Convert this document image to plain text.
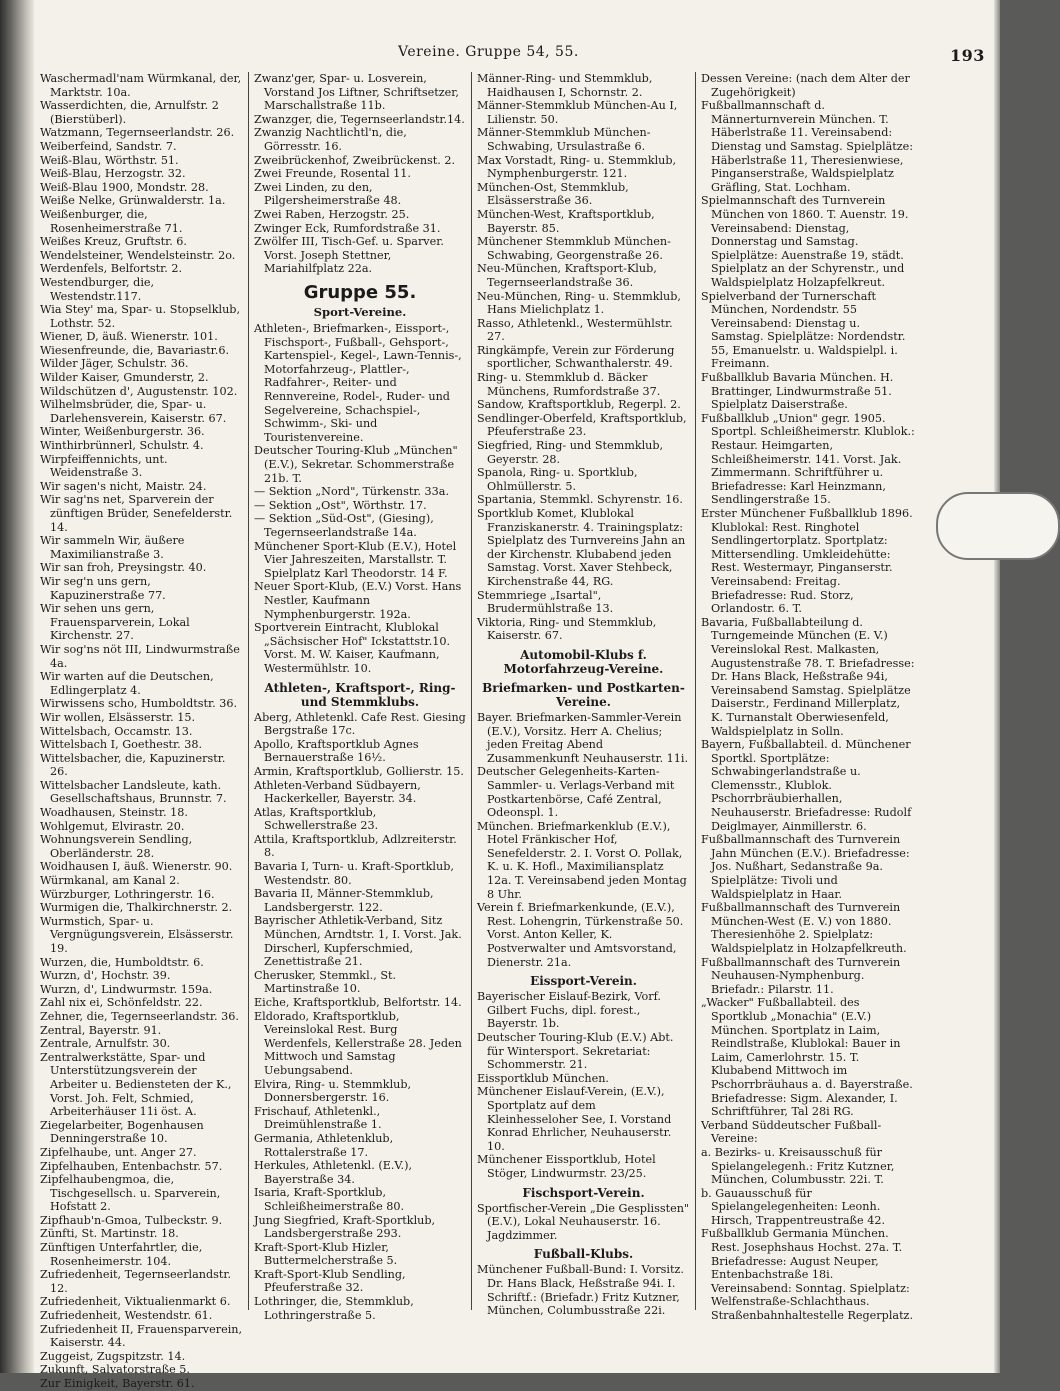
Vereine. Gruppe 54, 55.	193

Waschermadl'nam Würmkanal, der, Marktstr. 10a.

Wasserdichten, die, Arnulfstr. 2 (Bierstüberl).

Watzmann, Tegernseerlandstr. 26.

Weiberfeind, Sandstr. 7.

Weiß-Blau, Wörthstr. 51.

Weiß-Blau, Herzogstr. 32.

Weiß-Blau 1900, Mondstr. 28.

Weiße Nelke, Grünwalderstr. 1a.

Weißenburger, die, Rosenheimerstraße 71.

Weißes Kreuz, Gruftstr. 6.

Wendelsteiner, Wendelsteinstr. 2o.

Werdenfels, Belfortstr. 2.

Westendburger, die, Westendstr.117.

Wia Stey' ma, Spar- u. Stopselklub, Lothstr. 52.

Wiener, D, äuß. Wienerstr. 101.

Wiesenfreunde, die, Bavariastr.6.

Wilder Jäger, Schulstr. 36.

Wilder Kaiser, Gmunderstr, 2.

Wildschützen d', Augustenstr. 102.

Wilhelmsbrüder, die, Spar- u. Darlehensverein, Kaiserstr. 67.

Winter, Weißenburgerstr. 36.

Winthirbrünnerl, Schulstr. 4.

Wirpfeiffennichts, unt. Weidenstraße 3.

Wir sagen's nicht, Maistr. 24.

Wir sag'ns net, Sparverein der zünftigen Brüder, Senefelderstr. 14.

Wir sammeln Wir, äußere Maximilianstraße 3.

Wir san froh, Preysingstr. 40.

Wir seg'n uns gern, Kapuzinerstraße 77.

Wir sehen uns gern, Frauensparverein, Lokal Kirchenstr. 27.

Wir sog'ns nöt III, Lindwurmstraße 4a.

Wir warten auf die Deutschen, Edlingerplatz 4.

Wirwissens scho, Humboldtstr. 36.

Wir wollen, Elsässerstr. 15.

Wittelsbach, Occamstr. 13.

Wittelsbach I, Goethestr. 38.

Wittelsbacher, die, Kapuzinerstr. 26.

Wittelsbacher Landsleute, kath. Gesellschaftshaus, Brunnstr. 7.

Woadhausen, Steinstr. 18.

Wohlgemut, Elvirastr. 20.

Wohnungsverein Sendling, Oberländerstr. 28.

Woidhausen I, äuß. Wienerstr. 90.

Würmkanal, am Kanal 2.

Würzburger, Lothringerstr. 16.

Wurmigen die, Thalkirchnerstr. 2.

Wurmstich, Spar- u. Vergnügungsverein, Elsässerstr. 19.

Wurzen, die, Humboldtstr. 6.

Wurzn, d', Hochstr. 39.

Wurzn, d', Lindwurmstr. 159a.

Zahl nix ei, Schönfeldstr. 22.

Zehner, die, Tegernseerlandstr. 36.

Zentral, Bayerstr. 91.

Zentrale, Arnulfstr. 30.

Zentralwerkstätte, Spar- und Unterstützungsverein der Arbeiter u. Bediensteten der K., Vorst. Joh. Felt, Schmied, Arbeiterhäuser 11i öst. A.

Ziegelarbeiter, Bogenhausen Denningerstraße 10.

Zipfelhaube, unt. Anger 27.

Zipfelhauben, Entenbachstr. 57.

Zipfelhaubengmoa, die, Tischgesellsch. u. Sparverein, Hofstatt 2.

Zipfhaub'n-Gmoa, Tulbeckstr. 9.

Zünfti, St. Martinstr. 18.

Zünftigen Unterfahrtler, die, Rosenheimerstr. 104.

Zufriedenheit, Tegernseerlandstr. 12.

Zufriedenheit, Viktualienmarkt 6.

Zufriedenheit, Westendstr. 61.

Zufriedenheit II, Frauensparverein, Kaiserstr. 44.

Zuggeist, Zugspitzstr. 14.

Zukunft, Salvatorstraße 5.

Zur Einigkeit, Bayerstr. 61.

Zwanz'ger, Spar- u. Losverein, Vorstand Jos Liftner, Schriftsetzer, Marschallstraße 11b.

Zwanzger, die, Tegernseerlandstr.14.

Zwanzig Nachtlichtl'n, die, Görresstr. 16.

Zweibrückenhof, Zweibrückenst. 2.

Zwei Freunde, Rosental 11.

Zwei Linden, zu den, Pilgersheimerstraße 48.

Zwei Raben, Herzogstr. 25.

Zwinger Eck, Rumfordstraße 31.

Zwölfer III, Tisch-Gef. u. Sparver. Vorst. Joseph Stettner, Mariahilfplatz 22a.

Gruppe 55.
Sport-Vereine.

Athleten-, Briefmarken-, Eissport-, Fischsport-, Fußball-, Gehsport-, Kartenspiel-, Kegel-, Lawn-Tennis-, Motorfahrzeug-, Plattler-, Radfahrer-, Reiter- und Rennvereine, Rodel-, Ruder- und Segelvereine, Schachspiel-, Schwimm-, Ski- und Touristenvereine.

Deutscher Touring-Klub „München" (E.V.), Sekretar. Schommerstraße 21b. T.

— Sektion „Nord", Türkenstr. 33a.

— Sektion „Ost", Wörthstr. 17.

— Sektion „Süd-Ost", (Giesing), Tegernseerlandstraße 14a.

Münchener Sport-Klub (E.V.), Hotel Vier Jahreszeiten, Marstallstr. T. Spielplatz Karl Theodorstr. 14 F.

Neuer Sport-Klub, (E.V.) Vorst. Hans Nestler, Kaufmann Nymphenburgerstr. 192a.

Sportverein Eintracht, Klublokal „Sächsischer Hof" Ickstattstr.10. Vorst. M. W. Kaiser, Kaufmann, Westermühlstr. 10.

Athleten-, Kraftsport-, Ring- und Stemmklubs.

Aberg, Athletenkl. Cafe Rest. Giesing Bergstraße 17c.

Apollo, Kraftsportklub Agnes Bernauerstraße 16½.

Armin, Kraftsportklub, Gollierstr. 15.

Athleten-Verband Südbayern, Hackerkeller, Bayerstr. 34.

Atlas, Kraftsportklub, Schwellerstraße 23.

Attila, Kraftsportklub, Adlzreiterstr. 8.

Bavaria I, Turn- u. Kraft-Sportklub, Westendstr. 80.

Bavaria II, Männer-Stemmklub, Landsbergerstr. 122.

Bayrischer Athletik-Verband, Sitz München, Arndtstr. 1, I. Vorst. Jak. Dirscherl, Kupferschmied, Zenettistraße 21.

Cherusker, Stemmkl., St. Martinstraße 10.

Eiche, Kraftsportklub, Belfortstr. 14.

Eldorado, Kraftsportklub, Vereinslokal Rest. Burg Werdenfels, Kellerstraße 28. Jeden Mittwoch und Samstag Uebungsabend.

Elvira, Ring- u. Stemmklub, Donnersbergerstr. 16.

Frischauf, Athletenkl., Dreimühlenstraße 1.

Germania, Athletenklub, Rottalerstraße 17.

Herkules, Athletenkl. (E.V.), Bayerstraße 34.

Isaria, Kraft-Sportklub, Schleißheimerstraße 80.

Jung Siegfried, Kraft-Sportklub, Landsbergerstraße 293.

Kraft-Sport-Klub Hizler, Buttermelcherstraße 5.

Kraft-Sport-Klub Sendling, Pfeuferstraße 32.

Lothringer, die, Stemmklub, Lothringerstraße 5.

Männer-Ring- und Stemmklub, Haidhausen I, Schornstr. 2.

Männer-Stemmklub München-Au I, Lilienstr. 50.

Männer-Stemmklub München-Schwabing, Ursulastraße 6.

Max Vorstadt, Ring- u. Stemmklub, Nymphenburgerstr. 121.

München-Ost, Stemmklub, Elsässerstraße 36.

München-West, Kraftsportklub, Bayerstr. 85.

Münchener Stemmklub München-Schwabing, Georgenstraße 26.

Neu-München, Kraftsport-Klub, Tegernseerlandstraße 36.

Neu-München, Ring- u. Stemmklub, Hans Mielichplatz 1.

Rasso, Athletenkl., Westermühlstr. 27.

Ringkämpfe, Verein zur Förderung sportlicher, Schwanthalerstr. 49.

Ring- u. Stemmklub d. Bäcker Münchens, Rumfordstraße 37.

Sandow, Kraftsportklub, Regerpl. 2.

Sendlinger-Oberfeld, Kraftsportklub, Pfeuferstraße 23.

Siegfried, Ring- und Stemmklub, Geyerstr. 28.

Spanola, Ring- u. Sportklub, Ohlmüllerstr. 5.

Spartania, Stemmkl. Schyrenstr. 16.

Sportklub Komet, Klublokal Franziskanerstr. 4. Trainingsplatz: Spielplatz des Turnvereins Jahn an der Kirchenstr. Klubabend jeden Samstag. Vorst. Xaver Stehbeck, Kirchenstraße 44, RG.

Stemmriege „Isartal", Brudermühlstraße 13.

Viktoria, Ring- und Stemmklub, Kaiserstr. 67.

Automobil-Klubs f. Motorfahrzeug-Vereine.
Briefmarken- und Postkarten-Vereine.

Bayer. Briefmarken-Sammler-Verein (E.V.), Vorsitz. Herr A. Chelius; jeden Freitag Abend Zusammenkunft Neuhauserstr. 11i.

Deutscher Gelegenheits-Karten-Sammler- u. Verlags-Verband mit Postkartenbörse, Café Zentral, Odeonspl. 1.

München. Briefmarkenklub (E.V.), Hotel Fränkischer Hof, Senefelderstr. 2. I. Vorst O. Pollak, K. u. K. Hofl., Maximiliansplatz 12a. T. Vereinsabend jeden Montag 8 Uhr.

Verein f. Briefmarkenkunde, (E.V.), Rest. Lohengrin, Türkenstraße 50. Vorst. Anton Keller, K. Postverwalter und Amtsvorstand, Dienerstr. 21a.

Eissport-Verein.

Bayerischer Eislauf-Bezirk, Vorf. Gilbert Fuchs, dipl. forest., Bayerstr. 1b.

Deutscher Touring-Klub (E.V.) Abt. für Wintersport. Sekretariat: Schommerstr. 21.

Eissportklub München.

Münchener Eislauf-Verein, (E.V.), Sportplatz auf dem Kleinhesseloher See, I. Vorstand Konrad Ehrlicher, Neuhauserstr. 10.

Münchener Eissportklub, Hotel Stöger, Lindwurmstr. 23/25.

Fischsport-Verein.

Sportfischer-Verein „Die Gesplissten" (E.V.), Lokal Neuhauserstr. 16. Jagdzimmer.

Fußball-Klubs.

Münchener Fußball-Bund: I. Vorsitz. Dr. Hans Black, Heßstraße 94i. I. Schriftf.: (Briefadr.) Fritz Kutzner, München, Columbusstraße 22i.

Dessen Vereine: (nach dem Alter der Zugehörigkeit)

Fußballmannschaft d. Männerturnverein München. T. Häberlstraße 11. Vereinsabend: Dienstag und Samstag. Spielplätze: Häberlstraße 11, Theresienwiese, Pinganserstraße, Waldspielplatz Gräfling, Stat. Lochham.

Spielmannschaft des Turnverein München von 1860. T. Auenstr. 19. Vereinsabend: Dienstag, Donnerstag und Samstag. Spielplätze: Auenstraße 19, städt. Spielplatz an der Schyrenstr., und Waldspielplatz Holzapfelkreut.

Spielverband der Turnerschaft München, Nordendstr. 55 Vereinsabend: Dienstag u. Samstag. Spielplätze: Nordendstr. 55, Emanuelstr. u. Waldspielpl. i. Freimann.

Fußballklub Bavaria München. H. Brattinger, Lindwurmstraße 51. Spielplatz Daiserstraße.

Fußballklub „Union" gegr. 1905. Sportpl. Schleißheimerstr. Klublok.: Restaur. Heimgarten, Schleißheimerstr. 141. Vorst. Jak. Zimmermann. Schriftführer u. Briefadresse: Karl Heinzmann, Sendlingerstraße 15.

Erster Münchener Fußballklub 1896. Klublokal: Rest. Ringhotel Sendlingertorplatz. Sportplatz: Mittersendling. Umkleidehütte: Rest. Westermayr, Pinganserstr. Vereinsabend: Freitag. Briefadresse: Rud. Storz, Orlandostr. 6. T.

Bavaria, Fußballabteilung d. Turngemeinde München (E. V.) Vereinslokal Rest. Malkasten, Augustenstraße 78. T. Briefadresse: Dr. Hans Black, Heßstraße 94i, Vereinsabend Samstag. Spielplätze Daiserstr., Ferdinand Millerplatz, K. Turnanstalt Oberwiesenfeld, Waldspielplatz in Solln.

Bayern, Fußballabteil. d. Münchener Sportkl. Sportplätze: Schwabingerlandstraße u. Clemensstr., Klublok. Pschorrbräubierhallen, Neuhauserstr. Briefadresse: Rudolf Deiglmayer, Ainmillerstr. 6.

Fußballmannschaft des Turnverein Jahn München (E.V.). Briefadresse: Jos. Nußhart, Sedanstraße 9a. Spielplätze: Tivoli und Waldspielplatz in Haar.

Fußballmannschaft des Turnverein München-West (E. V.) von 1880. Theresienhöhe 2. Spielplatz: Waldspielplatz in Holzapfelkreuth.

Fußballmannschaft des Turnverein Neuhausen-Nymphenburg. Briefadr.: Pilarstr. 11.

„Wacker" Fußballabteil. des Sportklub „Monachia" (E.V.) München. Sportplatz in Laim, Reindlstraße, Klublokal: Bauer in Laim, Camerlohrstr. 15. T. Klubabend Mittwoch im Pschorrbräuhaus a. d. Bayerstraße. Briefadresse: Sigm. Alexander, I. Schriftführer, Tal 28i RG.

Verband Süddeutscher Fußball-Vereine:

a. Bezirks- u. Kreisausschuß für Spielangelegenh.: Fritz Kutzner, München, Columbusstr. 22i. T.

b. Gauausschuß für Spielangelegenheiten: Leonh. Hirsch, Trappentreustraße 42.

Fußballklub Germania München. Rest. Josephshaus Hochst. 27a. T. Briefadresse: August Neuper, Entenbachstraße 18i. Vereinsabend: Sonntag. Spielplatz: Welfenstraße-Schlachthaus. Straßenbahnhaltestelle Regerplatz.
